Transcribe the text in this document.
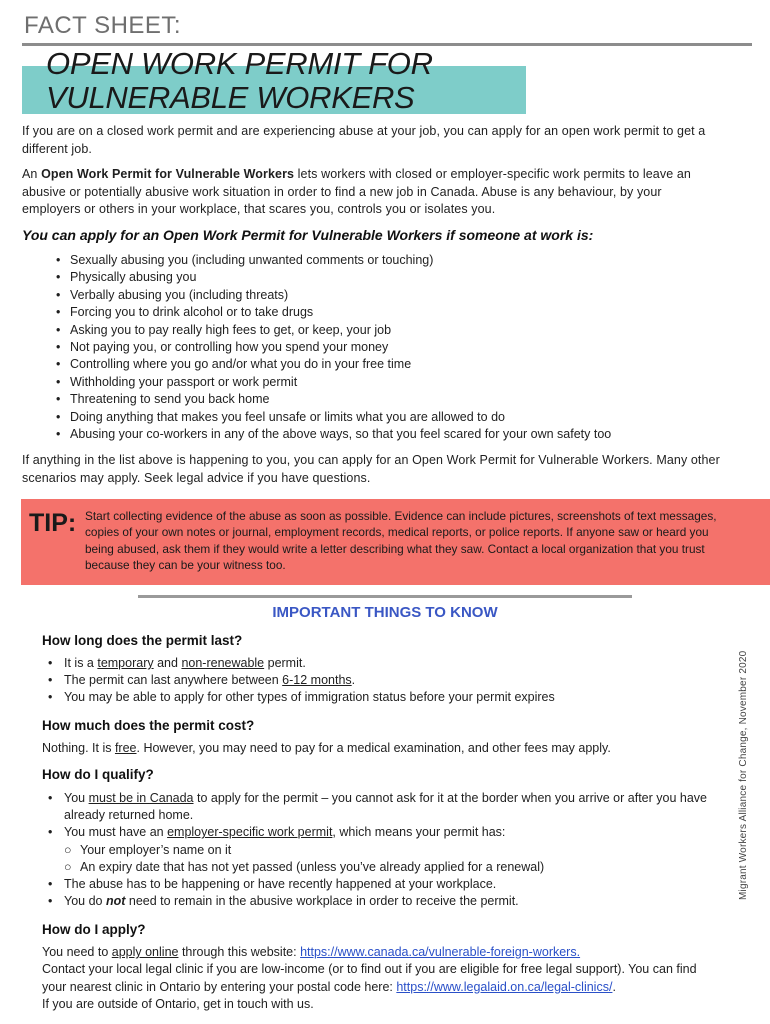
FACT SHEET:
OPEN WORK PERMIT FOR
VULNERABLE WORKERS
If you are on a closed work permit and are experiencing abuse at your job, you can apply for an open work permit to get a different job.
An Open Work Permit for Vulnerable Workers lets workers with closed or employer-specific work permits to leave an abusive or potentially abusive work situation in order to find a new job in Canada. Abuse is any behaviour, by your employers or others in your workplace, that scares you, controls you or isolates you.
You can apply for an Open Work Permit for Vulnerable Workers if someone at work is:
• Sexually abusing you (including unwanted comments or touching)
• Physically abusing you
• Verbally abusing you (including threats)
• Forcing you to drink alcohol or to take drugs
• Asking you to pay really high fees to get, or keep, your job
• Not paying you, or controlling how you spend your money
• Controlling where you go and/or what you do in your free time
• Withholding your passport or work permit
• Threatening to send you back home
• Doing anything that makes you feel unsafe or limits what you are allowed to do
• Abusing your co-workers in any of the above ways, so that you feel scared for your own safety too
If anything in the list above is happening to you, you can apply for an Open Work Permit for Vulnerable Workers. Many other scenarios may apply. Seek legal advice if you have questions.
TIP: Start collecting evidence of the abuse as soon as possible. Evidence can include pictures, screenshots of text messages, copies of your own notes or journal, employment records, medical reports, or police reports. If anyone saw or heard you being abused, ask them if they would write a letter describing what they saw. Contact a local organization that you trust because they can be your witness too.
IMPORTANT THINGS TO KNOW
How long does the permit last?
• It is a temporary and non-renewable permit.
• The permit can last anywhere between 6-12 months.
• You may be able to apply for other types of immigration status before your permit expires
How much does the permit cost?
Nothing. It is free. However, you may need to pay for a medical examination, and other fees may apply.
How do I qualify?
• You must be in Canada to apply for the permit – you cannot ask for it at the border when you arrive or after you have already returned home.
• You must have an employer-specific work permit, which means your permit has:
○ Your employer’s name on it
○ An expiry date that has not yet passed (unless you’ve already applied for a renewal)
• The abuse has to be happening or have recently happened at your workplace.
• You do not need to remain in the abusive workplace in order to receive the permit.
How do I apply?
You need to apply online through this website: https://www.canada.ca/vulnerable-foreign-workers.
Contact your local legal clinic if you are low-income (or to find out if you are eligible for free legal support). You can find your nearest clinic in Ontario by entering your postal code here: https://www.legalaid.on.ca/legal-clinics/.
If you are outside of Ontario, get in touch with us.
Migrant Workers Alliance for Change, November 2020
